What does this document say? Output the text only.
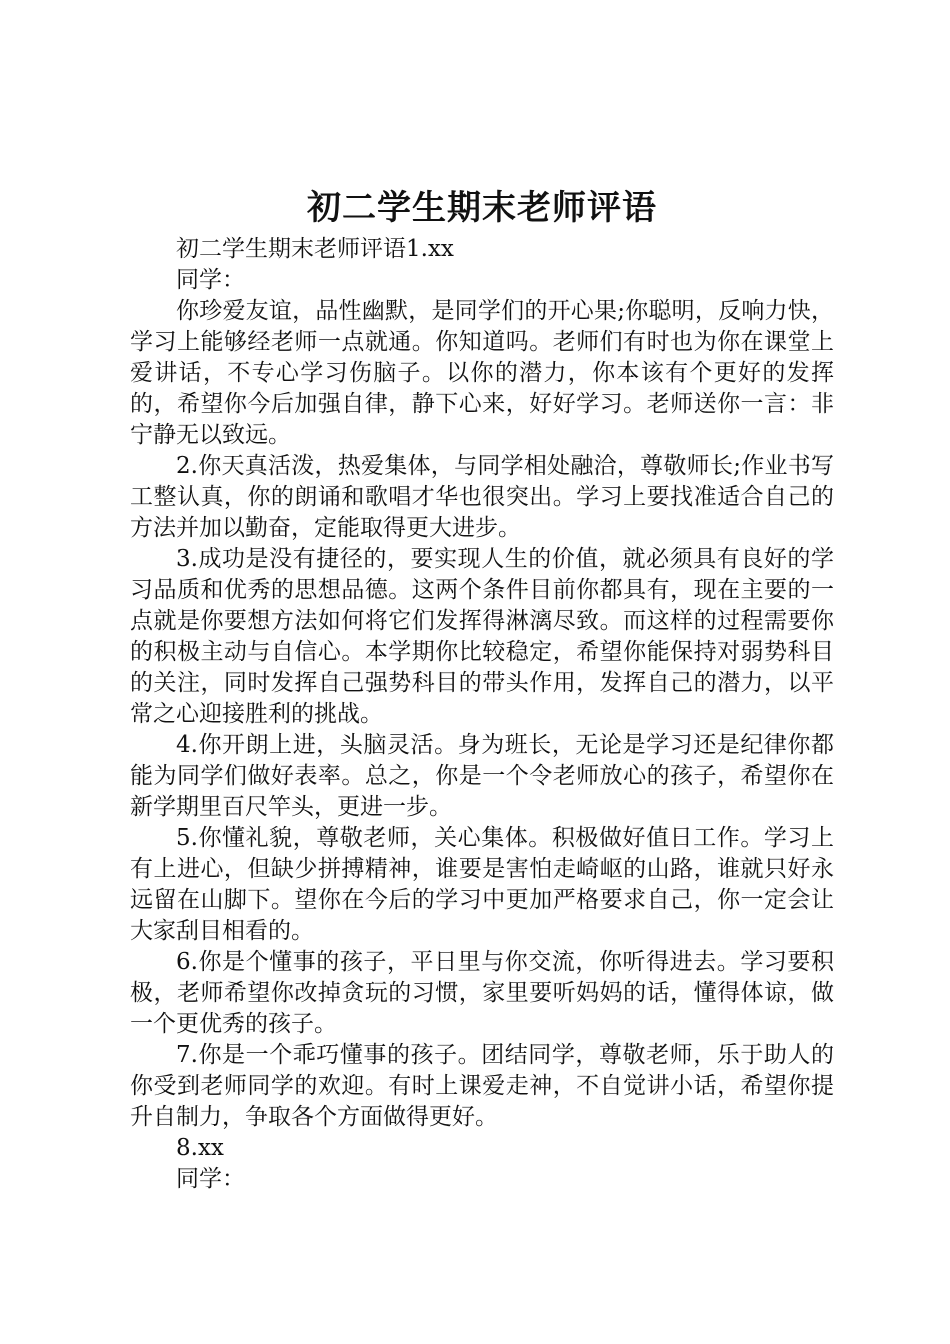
初二学生期末老师评语

初二学生期末老师评语1.xx

同学：

你珍爱友谊，品性幽默，是同学们的开心果;你聪明，反响力快，学习上能够经老师一点就通。你知道吗。老师们有时也为你在课堂上爱讲话，不专心学习伤脑子。以你的潜力，你本该有个更好的发挥的，希望你今后加强自律，静下心来，好好学习。老师送你一言：非宁静无以致远。

2.你天真活泼，热爱集体，与同学相处融洽，尊敬师长;作业书写工整认真，你的朗诵和歌唱才华也很突出。学习上要找准适合自己的方法并加以勤奋，定能取得更大进步。

3.成功是没有捷径的，要实现人生的价值，就必须具有良好的学习品质和优秀的思想品德。这两个条件目前你都具有，现在主要的一点就是你要想方法如何将它们发挥得淋漓尽致。而这样的过程需要你的积极主动与自信心。本学期你比较稳定，希望你能保持对弱势科目的关注，同时发挥自己强势科目的带头作用，发挥自己的潜力，以平常之心迎接胜利的挑战。

4.你开朗上进，头脑灵活。身为班长，无论是学习还是纪律你都能为同学们做好表率。总之，你是一个令老师放心的孩子，希望你在新学期里百尺竿头，更进一步。

5.你懂礼貌，尊敬老师，关心集体。积极做好值日工作。学习上有上进心，但缺少拼搏精神，谁要是害怕走崎岖的山路，谁就只好永远留在山脚下。望你在今后的学习中更加严格要求自己，你一定会让大家刮目相看的。

6.你是个懂事的孩子，平日里与你交流，你听得进去。学习要积极，老师希望你改掉贪玩的习惯，家里要听妈妈的话，懂得体谅，做一个更优秀的孩子。

7.你是一个乖巧懂事的孩子。团结同学，尊敬老师，乐于助人的你受到老师同学的欢迎。有时上课爱走神，不自觉讲小话，希望你提升自制力，争取各个方面做得更好。

8.xx

同学：
